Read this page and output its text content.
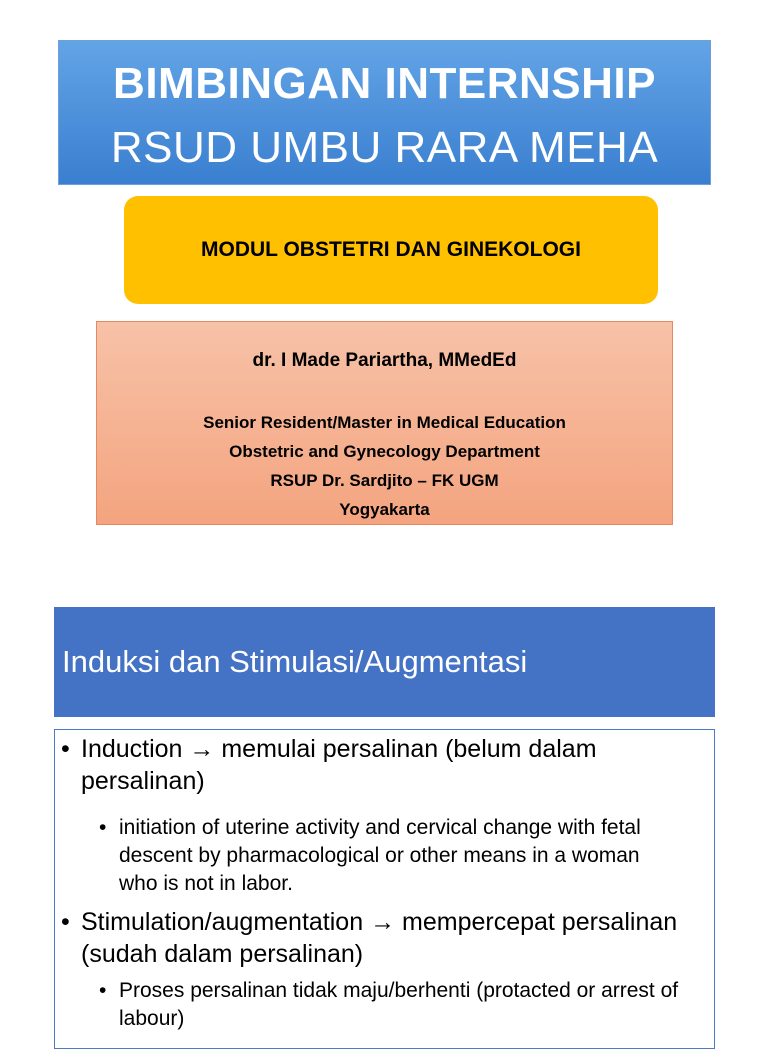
BIMBINGAN INTERNSHIP
RSUD UMBU RARA MEHA
MODUL OBSTETRI DAN GINEKOLOGI
dr. I Made Pariartha, MMedEd
Senior Resident/Master in Medical Education
Obstetric and Gynecology Department
RSUP Dr. Sardjito – FK UGM
Yogyakarta
Induksi dan Stimulasi/Augmentasi
• Induction → memulai persalinan (belum dalam persalinan)
• initiation of uterine activity and cervical change with fetal descent by pharmacological or other means in a woman who is not in labor.
• Stimulation/augmentation → mempercepat persalinan (sudah dalam persalinan)
• Proses persalinan tidak maju/berhenti (protacted or arrest of labour)
